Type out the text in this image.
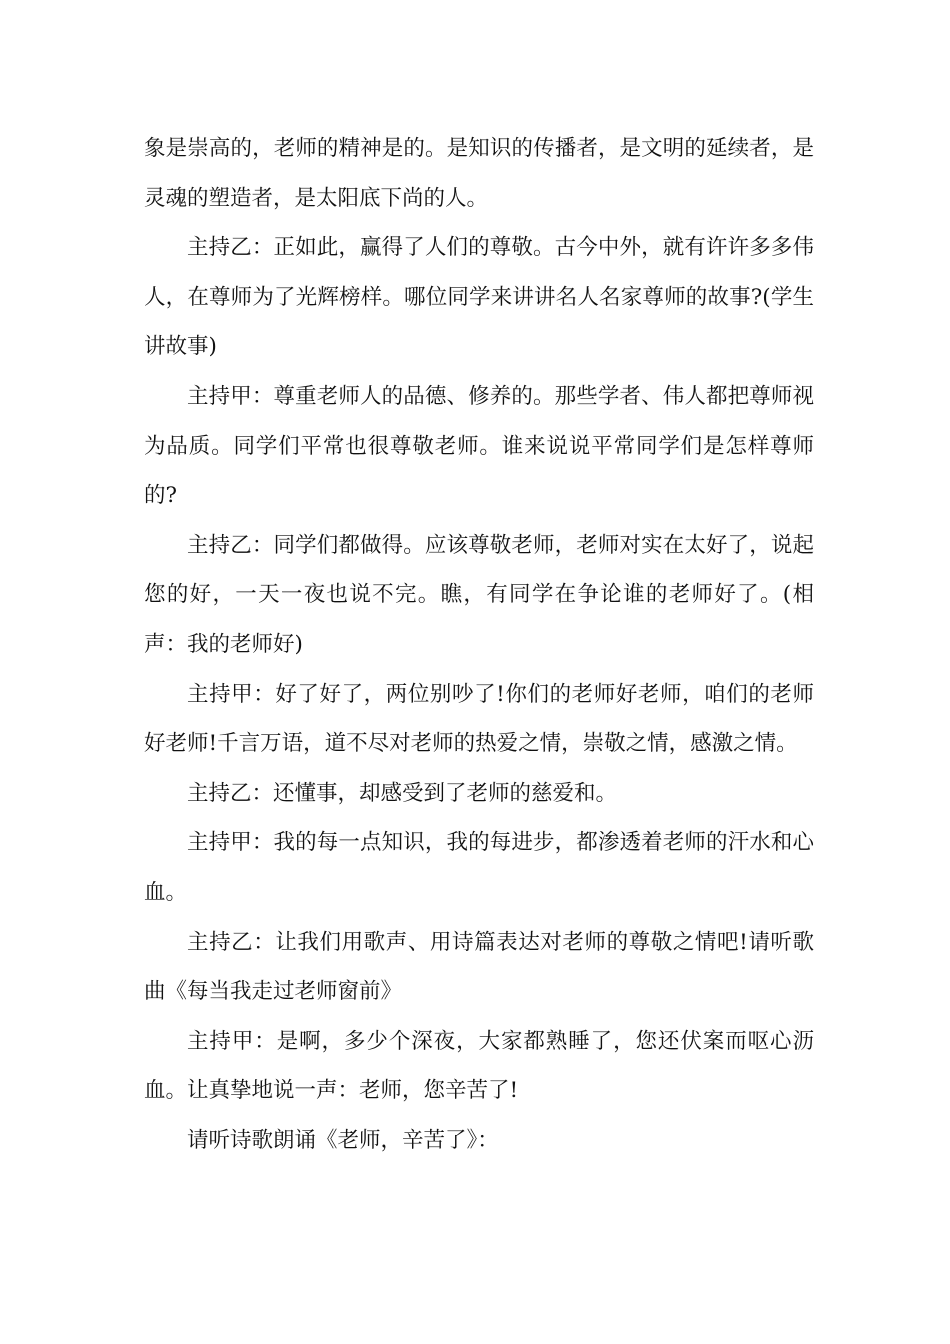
象是崇高的，老师的精神是的。是知识的传播者，是文明的延续者，是灵魂的塑造者，是太阳底下尚的人。

主持乙：正如此，赢得了人们的尊敬。古今中外，就有许许多多伟人，在尊师为了光辉榜样。哪位同学来讲讲名人名家尊师的故事?(学生讲故事)

主持甲：尊重老师人的品德、修养的。那些学者、伟人都把尊师视为品质。同学们平常也很尊敬老师。谁来说说平常同学们是怎样尊师的?

主持乙：同学们都做得。应该尊敬老师，老师对实在太好了，说起您的好，一天一夜也说不完。瞧，有同学在争论谁的老师好了。(相声：我的老师好)

主持甲：好了好了，两位别吵了!你们的老师好老师，咱们的老师好老师!千言万语，道不尽对老师的热爱之情，崇敬之情，感激之情。

主持乙：还懂事，却感受到了老师的慈爱和。

主持甲：我的每一点知识，我的每进步，都渗透着老师的汗水和心血。

主持乙：让我们用歌声、用诗篇表达对老师的尊敬之情吧!请听歌曲《每当我走过老师窗前》

主持甲：是啊，多少个深夜，大家都熟睡了，您还伏案而呕心沥血。让真挚地说一声：老师，您辛苦了!

请听诗歌朗诵《老师，辛苦了》：
